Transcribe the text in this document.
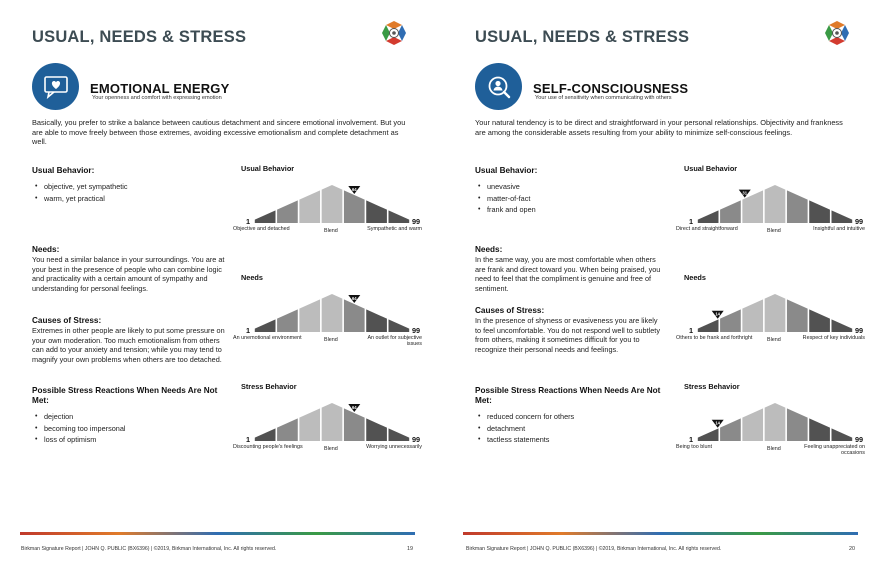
USUAL, NEEDS & STRESS
EMOTIONAL ENERGY
Your openness and comfort with expressing emotion
Basically, you prefer to strike a balance between cautious detachment and sincere emotional involvement. But you are able to move freely between those extremes, avoiding excessive emotionalism and complete detachment as well.
Usual Behavior:
• objective, yet sympathetic
• warm, yet practical
Needs:
You need a similar balance in your surroundings. You are at your best in the presence of people who can combine logic and practicality with a certain amount of sympathy and understanding for personal feelings.
Causes of Stress:
Extremes in other people are likely to put some pressure on your own moderation. Too much emotionalism from others can add to your anxiety and tension; while you may tend to magnify your own problems when others are too detached.
Possible Stress Reactions When Needs Are Not Met:
• dejection
• becoming too impersonal
• loss of optimism
Usual Behavior
64
1	99
Objective and detached	Blend	Sympathetic and warm
Needs
64
1	99
An unemotional environment	Blend	An outlet for subjective issues
Stress Behavior
64
1	99
Discounting people's feelings	Blend	Worrying unnecessarily
Birkman Signature Report | JOHN Q. PUBLIC (BX6396) | ©2019, Birkman International, Inc. All rights reserved.	19
USUAL, NEEDS & STRESS
SELF-CONSCIOUSNESS
Your use of sensitivity when communicating with others
Your natural tendency is to be direct and straightforward in your personal relationships. Objectivity and frankness are among the considerable assets resulting from your ability to minimize self-conscious feelings.
Usual Behavior:
• unevasive
• matter-of-fact
• frank and open
Needs:
In the same way, you are most comfortable when others are frank and direct toward you. When being praised, you need to feel that the compliment is genuine and free of sentiment.
Causes of Stress:
In the presence of shyness or evasiveness you are likely to feel uncomfortable. You do not respond well to subtlety from others, making it sometimes difficult for you to recognize their personal needs and feelings.
Possible Stress Reactions When Needs Are Not Met:
• reduced concern for others
• detachment
• tactless statements
Usual Behavior
31
1	99
Direct and straightforward	Blend	Insightful and intuitive
Needs
14
1	99
Others to be frank and forthright	Blend	Respect of key individuals
Stress Behavior
14
1	99
Being too blunt	Blend	Feeling unappreciated on occasions
Birkman Signature Report | JOHN Q. PUBLIC (BX6396) | ©2019, Birkman International, Inc. All rights reserved.	20
